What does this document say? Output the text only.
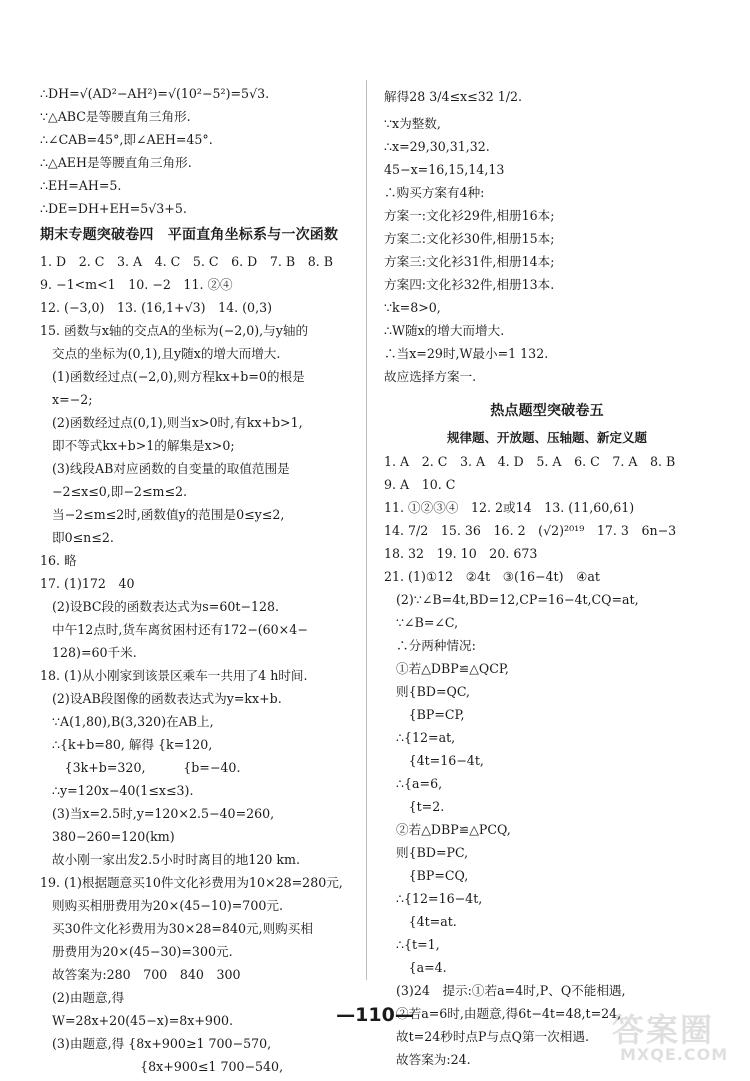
∴DH=√(AD²−AH²)=√(10²−5²)=5√3.
∵△ABC是等腰直角三角形.
∴∠CAB=45°,即∠AEH=45°.
∴△AEH是等腰直角三角形.
∴EH=AH=5.
∴DE=DH+EH=5√3+5.
期末专题突破卷四　平面直角坐标系与一次函数
1. D　2. C　3. A　4. C　5. C　6. D　7. B　8. B
9. −1<m<1　10. −2　11. ②④
12. (−3,0)　13. (16,1+√3)　14. (0,3)
15. 函数与x轴的交点A的坐标为(−2,0),与y轴的
交点的坐标为(0,1),且y随x的增大而增大.
(1)函数经过点(−2,0),则方程kx+b=0的根是
x=−2;
(2)函数经过点(0,1),则当x>0时,有kx+b>1,
即不等式kx+b>1的解集是x>0;
(3)线段AB对应函数的自变量的取值范围是
−2≤x≤0,即−2≤m≤2.
当−2≤m≤2时,函数值y的范围是0≤y≤2,
即0≤n≤2.
16. 略
17. (1)172　40
(2)设BC段的函数表达式为s=60t−128.
中午12点时,货车离贫困村还有172−(60×4−
128)=60千米.
18. (1)从小刚家到该景区乘车一共用了4 h时间.
(2)设AB段图像的函数表达式为y=kx+b.
∵A(1,80),B(3,320)在AB上,
∴{k+b=80, 解得 {k=120,
　{3k+b=320,　　　{b=−40.
∴y=120x−40(1≤x≤3).
(3)当x=2.5时,y=120×2.5−40=260,
380−260=120(km)
故小刚一家出发2.5小时时离目的地120 km.
19. (1)根据题意买10件文化衫费用为10×28=280元,
则购买相册费用为20×(45−10)=700元.
买30件文化衫费用为30×28=840元,则购买相
册费用为20×(45−30)=300元.
故答案为:280　700　840　300
(2)由题意,得
W=28x+20(45−x)=8x+900.
(3)由题意,得 {8x+900≥1 700−570,
　　　　　　　{8x+900≤1 700−540,
解得28 3/4≤x≤32 1/2.
∵x为整数,
∴x=29,30,31,32.
45−x=16,15,14,13
∴购买方案有4种:
方案一:文化衫29件,相册16本;
方案二:文化衫30件,相册15本;
方案三:文化衫31件,相册14本;
方案四:文化衫32件,相册13本.
∵k=8>0,
∴W随x的增大而增大.
∴当x=29时,W最小=1 132.
故应选择方案一.
热点题型突破卷五
规律题、开放题、压轴题、新定义题
1. A　2. C　3. A　4. D　5. A　6. C　7. A　8. B
9. A　10. C
11. ①②③④　12. 2或14　13. (11,60,61)
14. 7/2　15. 36　16. 2　(√2)²⁰¹⁹　17. 3　6n−3
18. 32　19. 10　20. 673
21. (1)①12　②4t　③(16−4t)　④at
(2)∵∠B=4t,BD=12,CP=16−4t,CQ=at,
∵∠B=∠C,
∴分两种情况:
①若△DBP≌△QCP,
则{BD=QC,
　{BP=CP,
∴{12=at,
　{4t=16−4t,
∴{a=6,
　{t=2.
②若△DBP≌△PCQ,
则{BD=PC,
　{BP=CQ,
∴{12=16−4t,
　{4t=at.
∴{t=1,
　{a=4.
(3)24　提示:①若a=4时,P、Q不能相遇,
②若a=6时,由题意,得6t−4t=48,t=24,
故t=24秒时点P与点Q第一次相遇.
故答案为:24.
—110—	答案圈
MXQE.COM
